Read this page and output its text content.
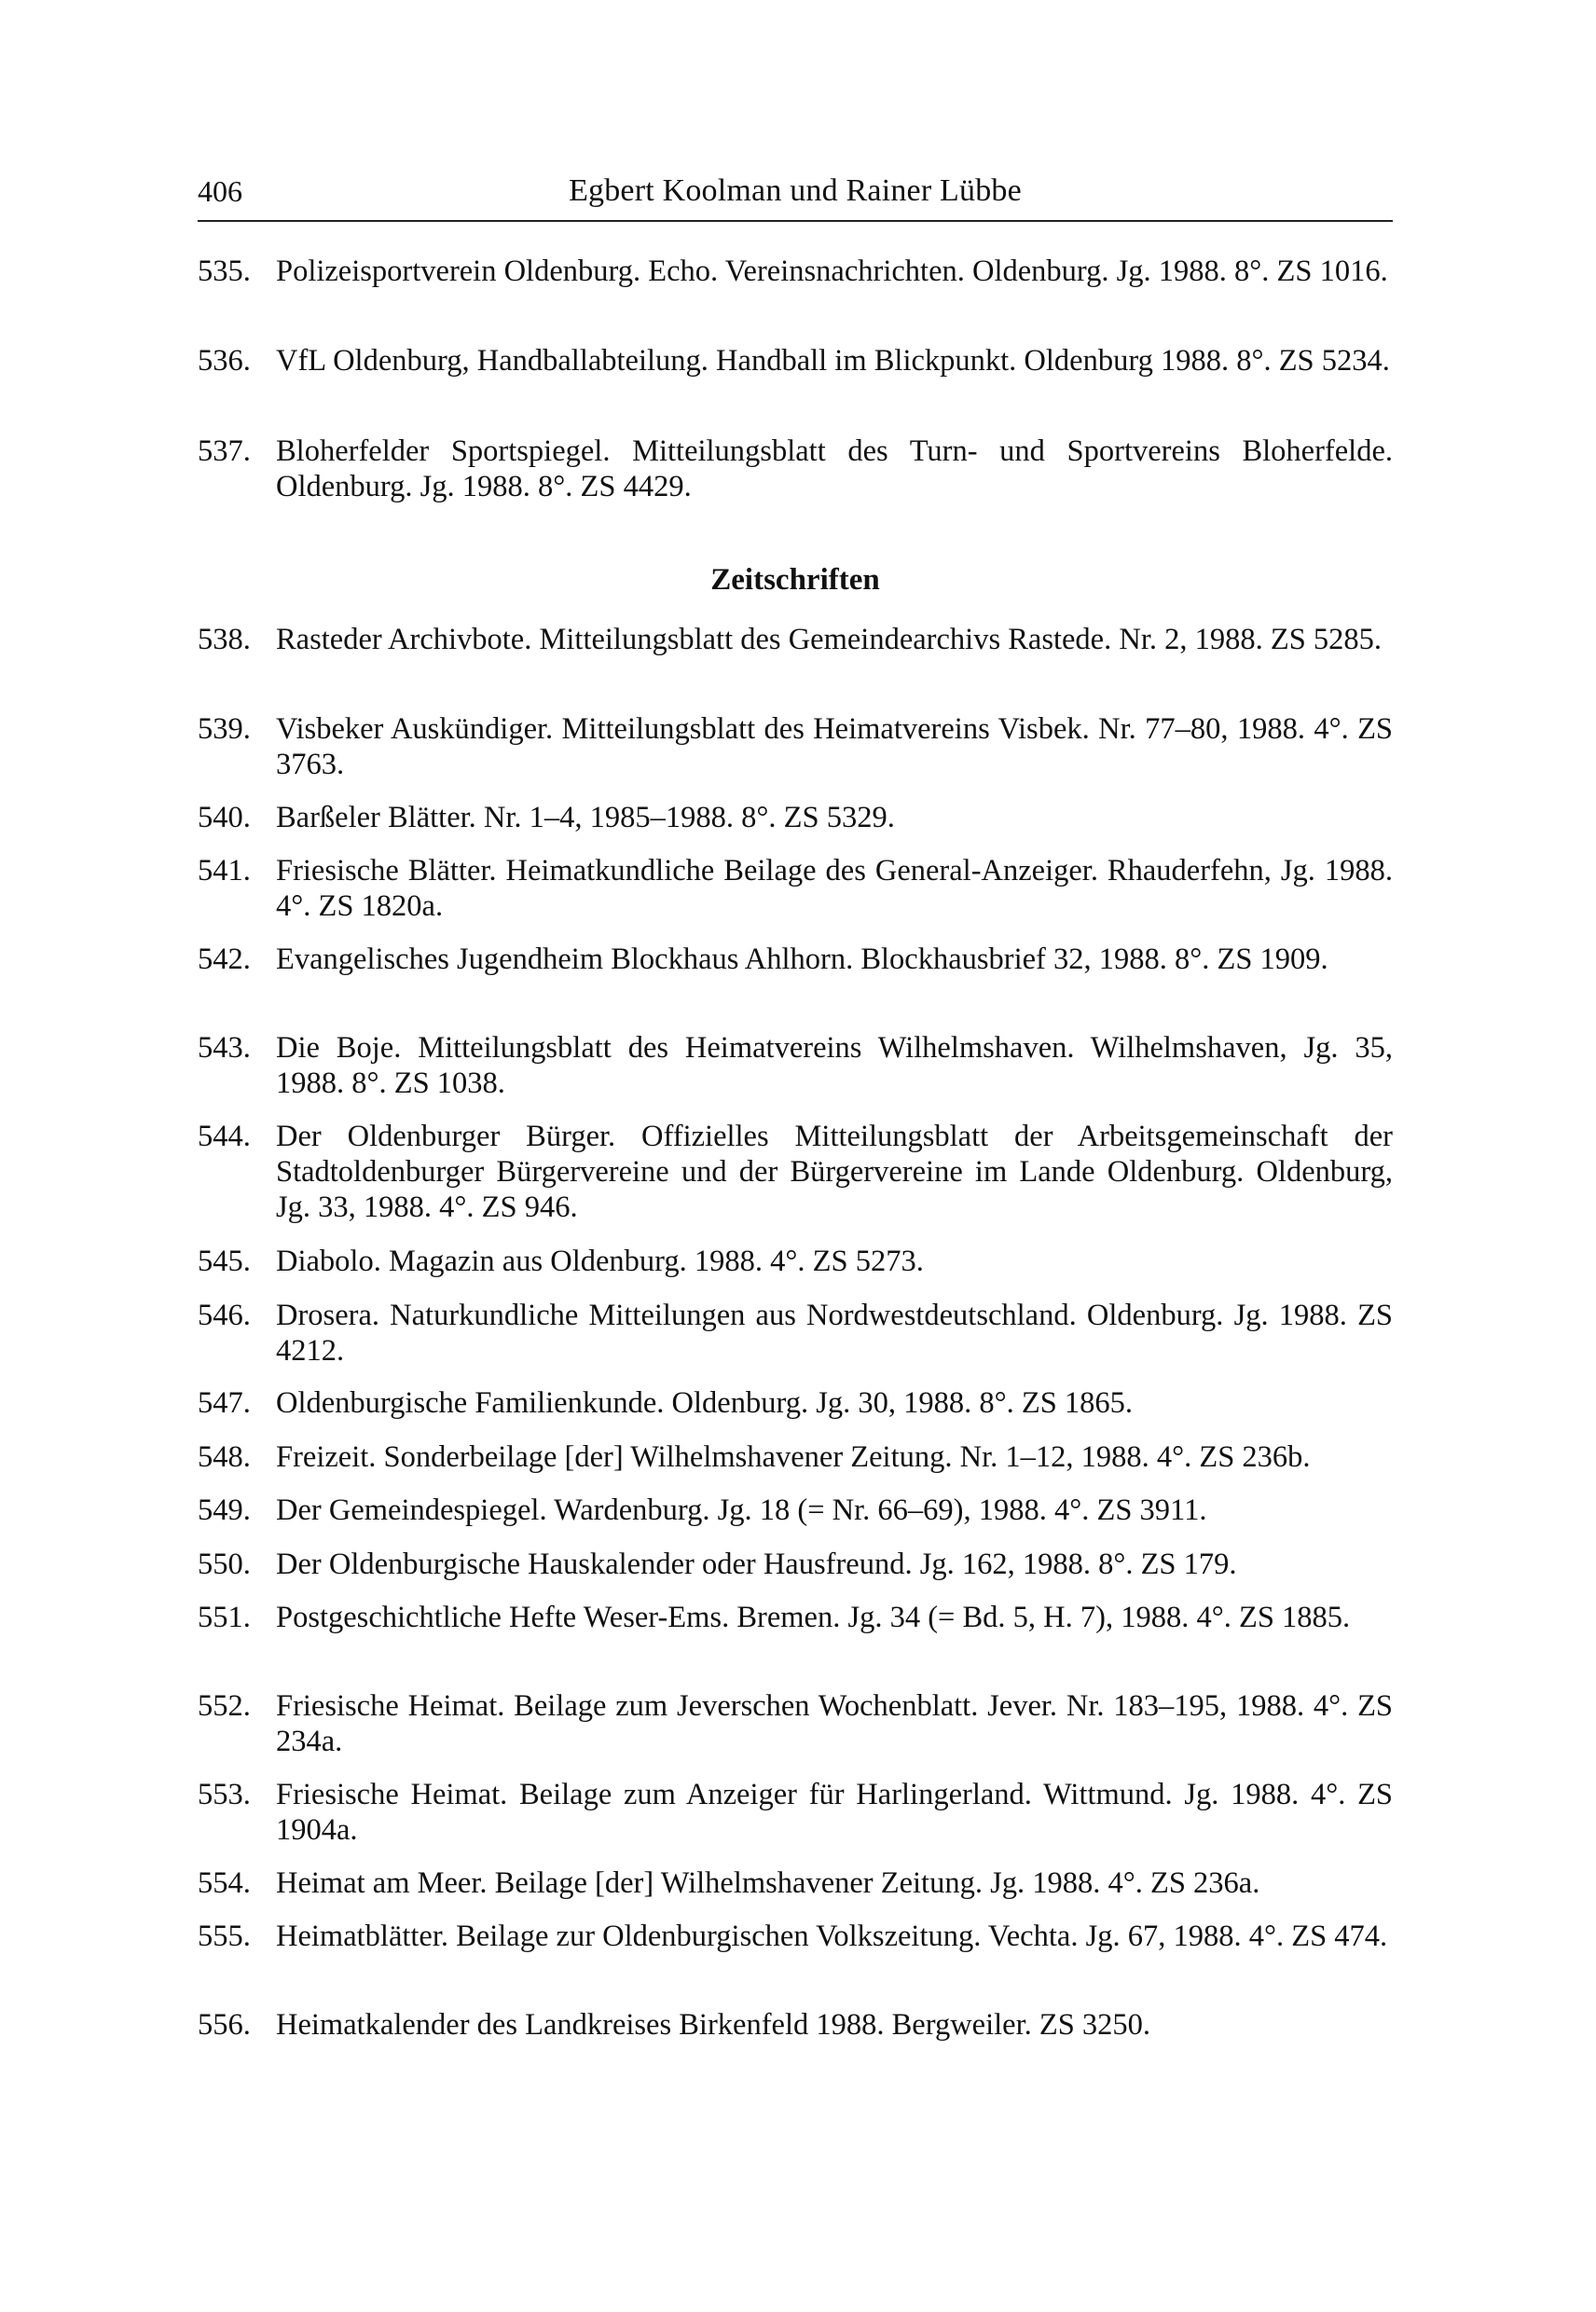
406	Egbert Koolman und Rainer Lübbe
535. Polizeisportverein Oldenburg. Echo. Vereinsnachrichten. Oldenburg. Jg. 1988. 8°. ZS 1016.
536. VfL Oldenburg, Handballabteilung. Handball im Blickpunkt. Oldenburg 1988. 8°. ZS 5234.
537. Bloherfelder Sportspiegel. Mitteilungsblatt des Turn- und Sportvereins Bloherfelde. Oldenburg. Jg. 1988. 8°. ZS 4429.
Zeitschriften
538. Rasteder Archivbote. Mitteilungsblatt des Gemeindearchivs Rastede. Nr. 2, 1988. ZS 5285.
539. Visbeker Auskündiger. Mitteilungsblatt des Heimatvereins Visbek. Nr. 77–80, 1988. 4°. ZS 3763.
540. Barßeler Blätter. Nr. 1–4, 1985–1988. 8°. ZS 5329.
541. Friesische Blätter. Heimatkundliche Beilage des General-Anzeiger. Rhauderfehn, Jg. 1988. 4°. ZS 1820a.
542. Evangelisches Jugendheim Blockhaus Ahlhorn. Blockhausbrief 32, 1988. 8°. ZS 1909.
543. Die Boje. Mitteilungsblatt des Heimatvereins Wilhelmshaven. Wilhelmshaven, Jg. 35, 1988. 8°. ZS 1038.
544. Der Oldenburger Bürger. Offizielles Mitteilungsblatt der Arbeitsgemeinschaft der Stadtoldenburger Bürgervereine und der Bürgervereine im Lande Oldenburg. Oldenburg, Jg. 33, 1988. 4°. ZS 946.
545. Diabolo. Magazin aus Oldenburg. 1988. 4°. ZS 5273.
546. Drosera. Naturkundliche Mitteilungen aus Nordwestdeutschland. Oldenburg. Jg. 1988. ZS 4212.
547. Oldenburgische Familienkunde. Oldenburg. Jg. 30, 1988. 8°. ZS 1865.
548. Freizeit. Sonderbeilage [der] Wilhelmshavener Zeitung. Nr. 1–12, 1988. 4°. ZS 236b.
549. Der Gemeindespiegel. Wardenburg. Jg. 18 (= Nr. 66–69), 1988. 4°. ZS 3911.
550. Der Oldenburgische Hauskalender oder Hausfreund. Jg. 162, 1988. 8°. ZS 179.
551. Postgeschichtliche Hefte Weser-Ems. Bremen. Jg. 34 (= Bd. 5, H. 7), 1988. 4°. ZS 1885.
552. Friesische Heimat. Beilage zum Jeverschen Wochenblatt. Jever. Nr. 183–195, 1988. 4°. ZS 234a.
553. Friesische Heimat. Beilage zum Anzeiger für Harlingerland. Wittmund. Jg. 1988. 4°. ZS 1904a.
554. Heimat am Meer. Beilage [der] Wilhelmshavener Zeitung. Jg. 1988. 4°. ZS 236a.
555. Heimatblätter. Beilage zur Oldenburgischen Volkszeitung. Vechta. Jg. 67, 1988. 4°. ZS 474.
556. Heimatkalender des Landkreises Birkenfeld 1988. Bergweiler. ZS 3250.
